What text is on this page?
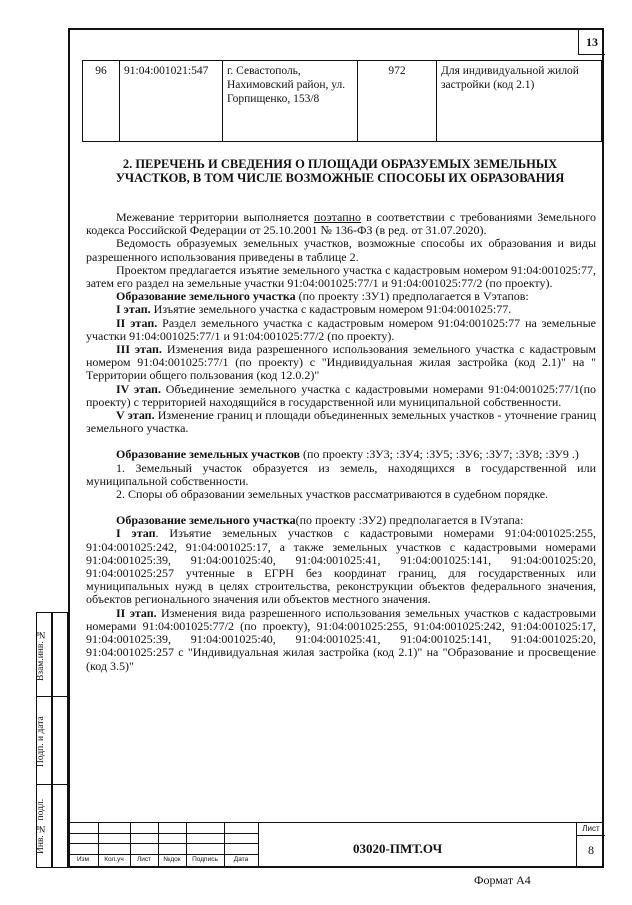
13
96	91:04:001021:547	г. Севастополь, Нахимовский район, ул. Горпищенко, 153/8	972	Для индивидуальной жилой застройки (код 2.1)
2. ПЕРЕЧЕНЬ И СВЕДЕНИЯ О ПЛОЩАДИ ОБРАЗУЕМЫХ ЗЕМЕЛЬНЫХ УЧАСТКОВ, В ТОМ ЧИСЛЕ ВОЗМОЖНЫЕ СПОСОБЫ ИХ ОБРАЗОВАНИЯ

Межевание территории выполняется поэтапно в соответствии с требованиями Земельного кодекса Российской Федерации от 25.10.2001 № 136-ФЗ (в ред. от 31.07.2020).

Ведомость образуемых земельных участков, возможные способы их образования и виды разрешенного использования приведены в таблице 2.

Проектом предлагается изъятие земельного участка с кадастровым номером 91:04:001025:77, затем его раздел на земельные участки 91:04:001025:77/1 и 91:04:001025:77/2 (по проекту).

Образование земельного участка (по проекту :ЗУ1) предполагается в Vэтапов:

I этап. Изъятие земельного участка с кадастровым номером 91:04:001025:77.

II этап. Раздел земельного участка с кадастровым номером 91:04:001025:77 на земельные участки 91:04:001025:77/1 и 91:04:001025:77/2 (по проекту).

III этап. Изменения вида разрешенного использования земельного участка с кадастровым номером 91:04:001025:77/1 (по проекту) с "Индивидуальная жилая застройка (код 2.1)" на " Территории общего пользования (код 12.0.2)"

IV этап. Объединение земельного участка с кадастровыми номерами 91:04:001025:77/1(по проекту) с территорией находящийся в государственной или муниципальной собственности.

V этап. Изменение границ и площади объединенных земельных участков - уточнение границ земельного участка.

Образование земельных участков (по проекту :ЗУ3; :ЗУ4; :ЗУ5; :ЗУ6; :ЗУ7; :ЗУ8; :ЗУ9 .)

1. Земельный участок образуется из земель, находящихся в государственной или муниципальной собственности.

2. Споры об образовании земельных участков рассматриваются в судебном порядке.

Образование земельного участка(по проекту :ЗУ2) предполагается в IVэтапа:

I этап. Изъятие земельных участков с кадастровыми номерами 91:04:001025:255, 91:04:001025:242, 91:04:001025:17, а также земельных участков с кадастровыми номерами 91:04:001025:39, 91:04:001025:40, 91:04:001025:41, 91:04:001025:141, 91:04:001025:20, 91:04:001025:257 учтенные в ЕГРН без координат границ, для государственных или муниципальных нужд в целях строительства, реконструкции объектов федерального значения, объектов регионального значения или объектов местного значения.

II этап. Изменения вида разрешенного использования земельных участков с кадастровыми номерами 91:04:001025:77/2 (по проекту), 91:04:001025:255, 91:04:001025:242, 91:04:001025:17, 91:04:001025:39, 91:04:001025:40, 91:04:001025:41, 91:04:001025:141, 91:04:001025:20, 91:04:001025:257 с "Индивидуальная жилая застройка (код 2.1)" на "Образование и просвещение (код 3.5)"

Взам.инв. №
Подп. и дата
Инв. № подл.
Изм	Кол.уч	Лист	№док	Подпись	Дата
03020-ПМТ.ОЧ
Лист
8
Формат А4
